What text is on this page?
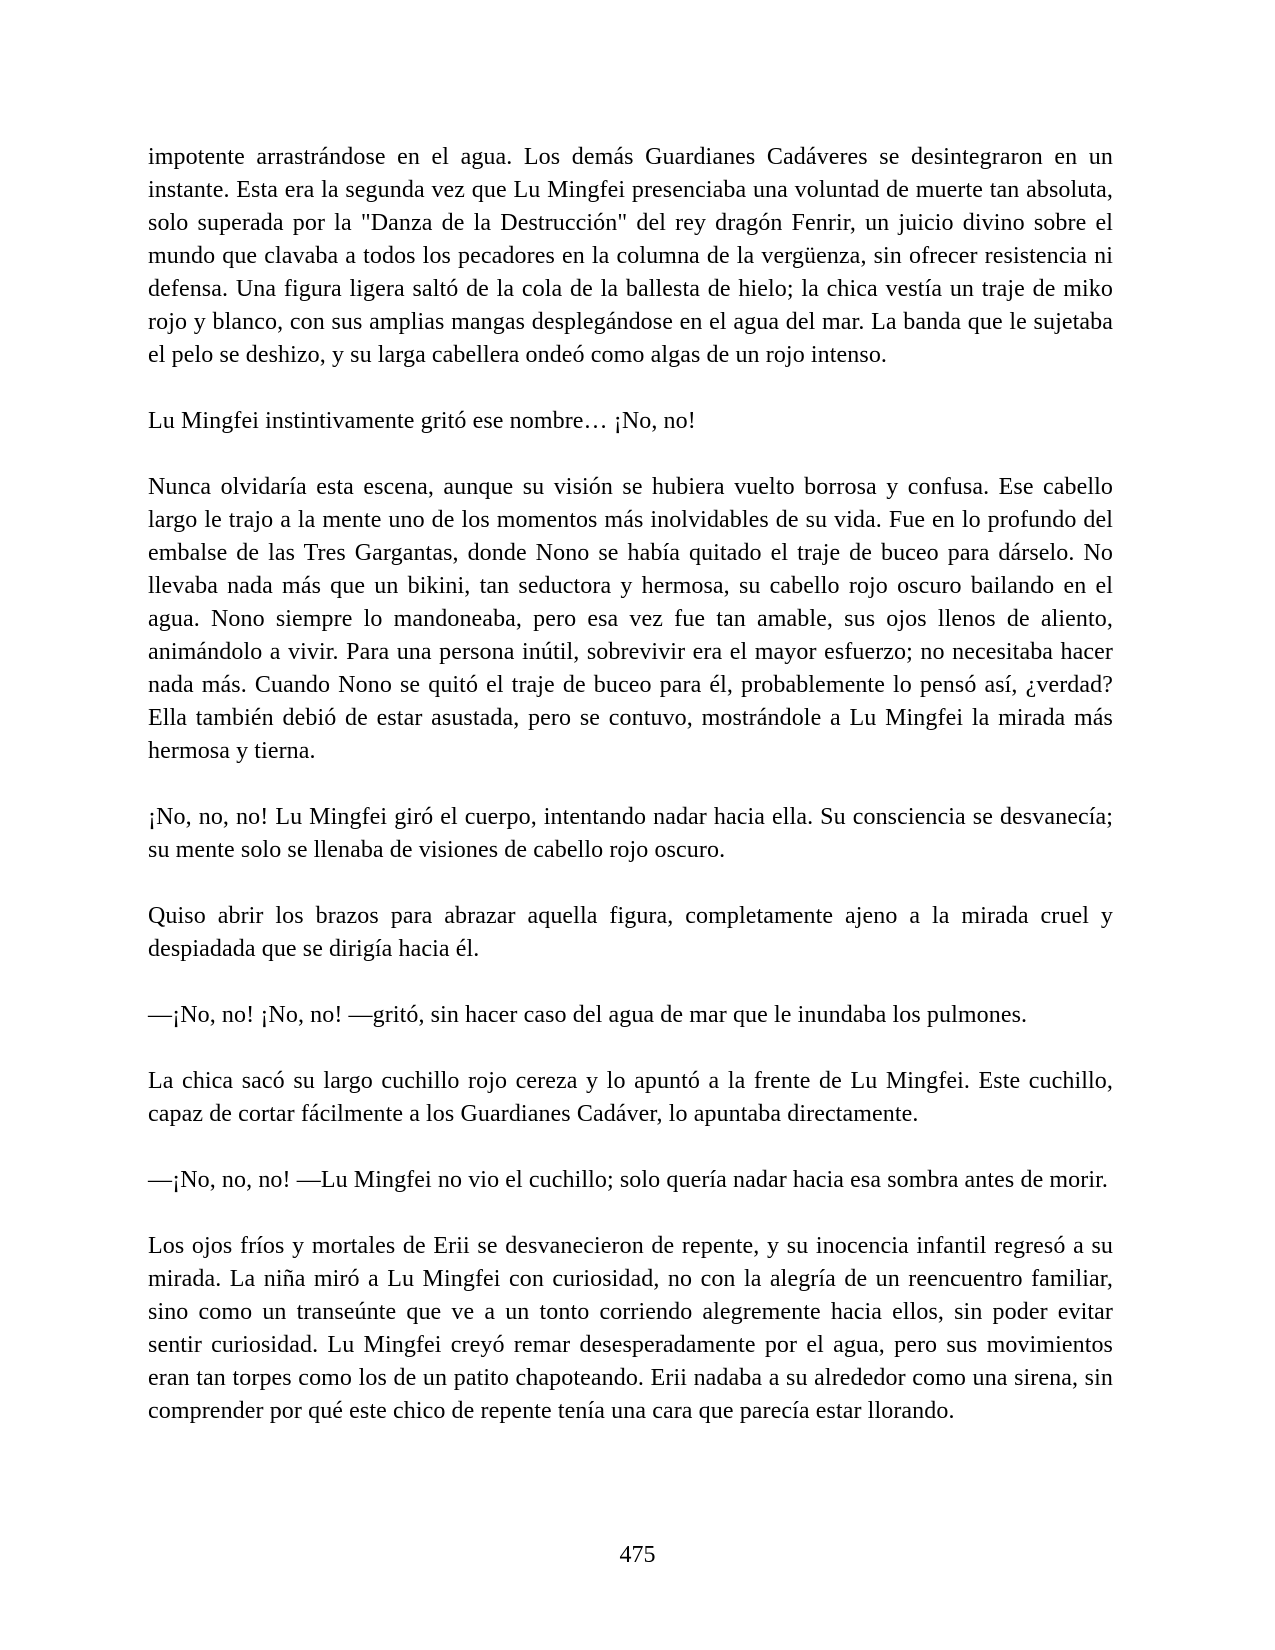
impotente arrastrándose en el agua. Los demás Guardianes Cadáveres se desintegraron en un instante. Esta era la segunda vez que Lu Mingfei presenciaba una voluntad de muerte tan absoluta, solo superada por la "Danza de la Destrucción" del rey dragón Fenrir, un juicio divino sobre el mundo que clavaba a todos los pecadores en la columna de la vergüenza, sin ofrecer resistencia ni defensa. Una figura ligera saltó de la cola de la ballesta de hielo; la chica vestía un traje de miko rojo y blanco, con sus amplias mangas desplegándose en el agua del mar. La banda que le sujetaba el pelo se deshizo, y su larga cabellera ondeó como algas de un rojo intenso.

Lu Mingfei instintivamente gritó ese nombre… ¡No, no!

Nunca olvidaría esta escena, aunque su visión se hubiera vuelto borrosa y confusa. Ese cabello largo le trajo a la mente uno de los momentos más inolvidables de su vida. Fue en lo profundo del embalse de las Tres Gargantas, donde Nono se había quitado el traje de buceo para dárselo. No llevaba nada más que un bikini, tan seductora y hermosa, su cabello rojo oscuro bailando en el agua. Nono siempre lo mandoneaba, pero esa vez fue tan amable, sus ojos llenos de aliento, animándolo a vivir. Para una persona inútil, sobrevivir era el mayor esfuerzo; no necesitaba hacer nada más. Cuando Nono se quitó el traje de buceo para él, probablemente lo pensó así, ¿verdad? Ella también debió de estar asustada, pero se contuvo, mostrándole a Lu Mingfei la mirada más hermosa y tierna.

¡No, no, no! Lu Mingfei giró el cuerpo, intentando nadar hacia ella. Su consciencia se desvanecía; su mente solo se llenaba de visiones de cabello rojo oscuro.

Quiso abrir los brazos para abrazar aquella figura, completamente ajeno a la mirada cruel y despiadada que se dirigía hacia él.

—¡No, no! ¡No, no! —gritó, sin hacer caso del agua de mar que le inundaba los pulmones.

La chica sacó su largo cuchillo rojo cereza y lo apuntó a la frente de Lu Mingfei. Este cuchillo, capaz de cortar fácilmente a los Guardianes Cadáver, lo apuntaba directamente.

—¡No, no, no! —Lu Mingfei no vio el cuchillo; solo quería nadar hacia esa sombra antes de morir.

Los ojos fríos y mortales de Erii se desvanecieron de repente, y su inocencia infantil regresó a su mirada. La niña miró a Lu Mingfei con curiosidad, no con la alegría de un reencuentro familiar, sino como un transeúnte que ve a un tonto corriendo alegremente hacia ellos, sin poder evitar sentir curiosidad. Lu Mingfei creyó remar desesperadamente por el agua, pero sus movimientos eran tan torpes como los de un patito chapoteando. Erii nadaba a su alrededor como una sirena, sin comprender por qué este chico de repente tenía una cara que parecía estar llorando.

475
